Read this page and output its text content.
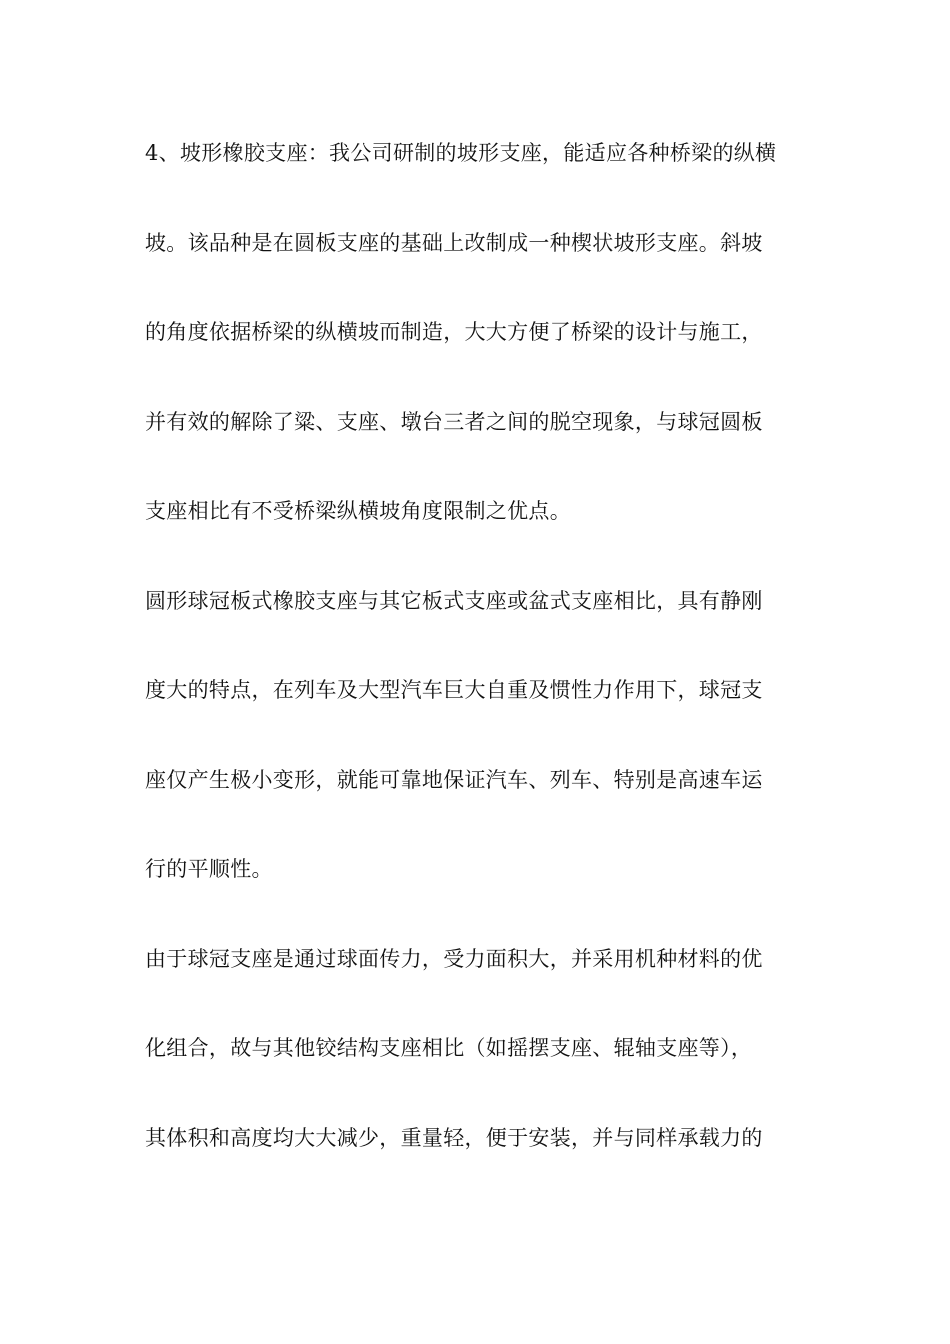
4、坡形橡胶支座：我公司研制的坡形支座，能适应各种桥梁的纵横
坡。该品种是在圆板支座的基础上改制成一种楔状坡形支座。斜坡
的角度依据桥梁的纵横坡而制造，大大方便了桥梁的设计与施工，
并有效的解除了粱、支座、墩台三者之间的脱空现象，与球冠圆板
支座相比有不受桥梁纵横坡角度限制之优点。
圆形球冠板式橡胶支座与其它板式支座或盆式支座相比，具有静刚
度大的特点，在列车及大型汽车巨大自重及惯性力作用下，球冠支
座仅产生极小变形，就能可靠地保证汽车、列车、特别是高速车运
行的平顺性。
由于球冠支座是通过球面传力，受力面积大，并采用机种材料的优
化组合，故与其他铰结构支座相比（如摇摆支座、辊轴支座等），
其体积和高度均大大减少，重量轻，便于安装，并与同样承载力的
